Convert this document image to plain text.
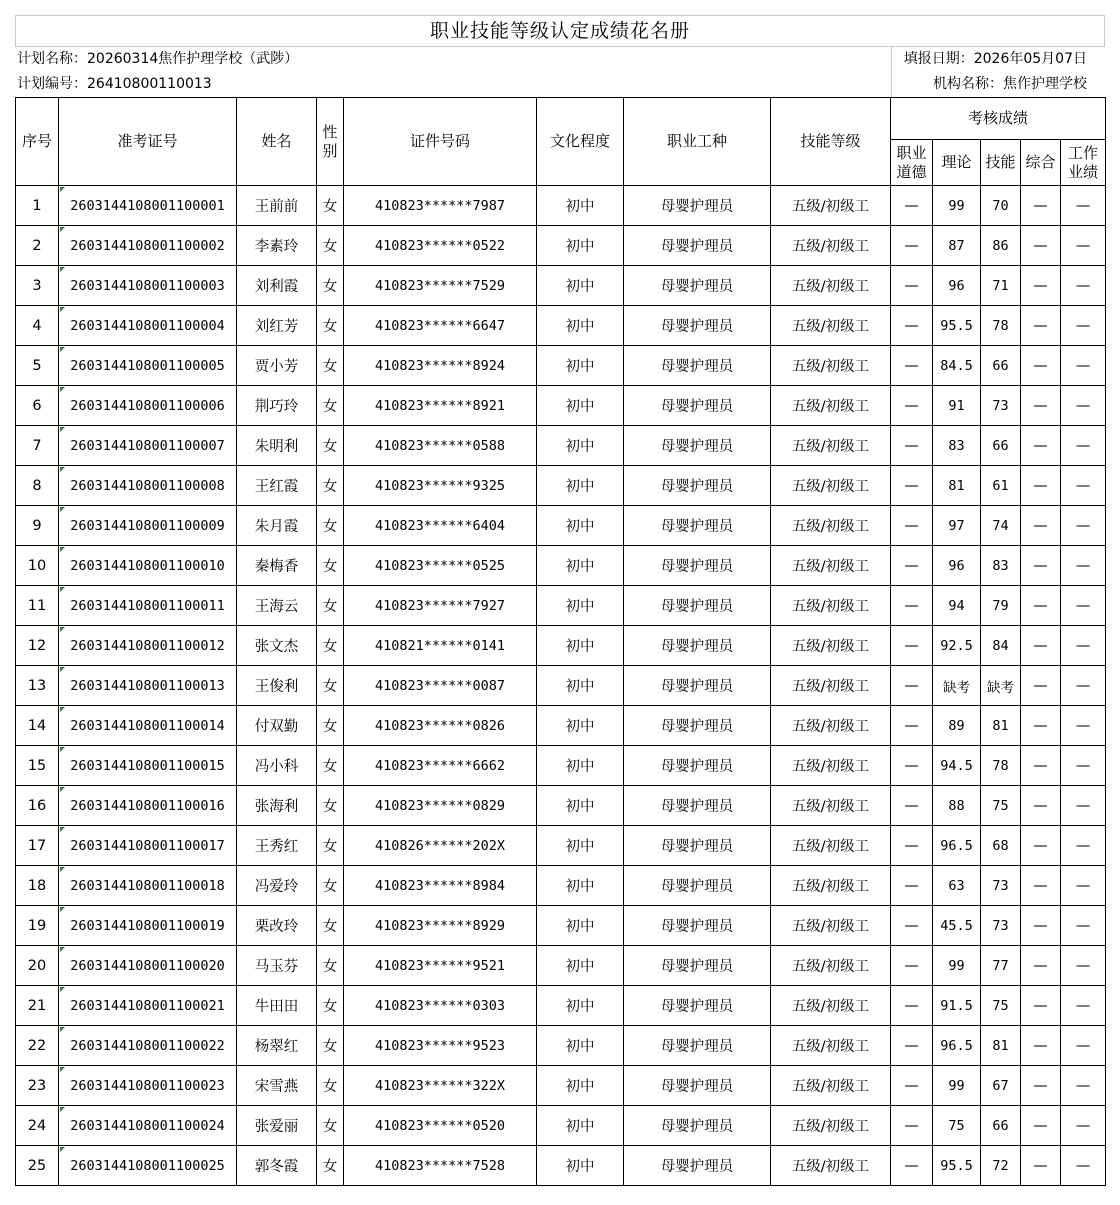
职业技能等级认定成绩花名册
计划名称：20260314焦作护理学校（武陟）	填报日期：2026年05月07日
计划编号：26410800110013	机构名称：焦作护理学校
序号	准考证号	姓名	性别	证件号码	文化程度	职业工种	技能等级	考核成绩				
								职业道德	理论	技能	综合	工作业绩
1	2603144108001100001	王前前	女	410823******7987	初中	母婴护理员	五级/初级工	—	99	70	—	—
2	2603144108001100002	李素玲	女	410823******0522	初中	母婴护理员	五级/初级工	—	87	86	—	—
3	2603144108001100003	刘利霞	女	410823******7529	初中	母婴护理员	五级/初级工	—	96	71	—	—
4	2603144108001100004	刘红芳	女	410823******6647	初中	母婴护理员	五级/初级工	—	95.5	78	—	—
5	2603144108001100005	贾小芳	女	410823******8924	初中	母婴护理员	五级/初级工	—	84.5	66	—	—
6	2603144108001100006	荆巧玲	女	410823******8921	初中	母婴护理员	五级/初级工	—	91	73	—	—
7	2603144108001100007	朱明利	女	410823******0588	初中	母婴护理员	五级/初级工	—	83	66	—	—
8	2603144108001100008	王红霞	女	410823******9325	初中	母婴护理员	五级/初级工	—	81	61	—	—
9	2603144108001100009	朱月霞	女	410823******6404	初中	母婴护理员	五级/初级工	—	97	74	—	—
10	2603144108001100010	秦梅香	女	410823******0525	初中	母婴护理员	五级/初级工	—	96	83	—	—
11	2603144108001100011	王海云	女	410823******7927	初中	母婴护理员	五级/初级工	—	94	79	—	—
12	2603144108001100012	张文杰	女	410821******0141	初中	母婴护理员	五级/初级工	—	92.5	84	—	—
13	2603144108001100013	王俊利	女	410823******0087	初中	母婴护理员	五级/初级工	—	缺考	缺考	—	—
14	2603144108001100014	付双勤	女	410823******0826	初中	母婴护理员	五级/初级工	—	89	81	—	—
15	2603144108001100015	冯小科	女	410823******6662	初中	母婴护理员	五级/初级工	—	94.5	78	—	—
16	2603144108001100016	张海利	女	410823******0829	初中	母婴护理员	五级/初级工	—	88	75	—	—
17	2603144108001100017	王秀红	女	410826******202X	初中	母婴护理员	五级/初级工	—	96.5	68	—	—
18	2603144108001100018	冯爱玲	女	410823******8984	初中	母婴护理员	五级/初级工	—	63	73	—	—
19	2603144108001100019	栗改玲	女	410823******8929	初中	母婴护理员	五级/初级工	—	45.5	73	—	—
20	2603144108001100020	马玉芬	女	410823******9521	初中	母婴护理员	五级/初级工	—	99	77	—	—
21	2603144108001100021	牛田田	女	410823******0303	初中	母婴护理员	五级/初级工	—	91.5	75	—	—
22	2603144108001100022	杨翠红	女	410823******9523	初中	母婴护理员	五级/初级工	—	96.5	81	—	—
23	2603144108001100023	宋雪燕	女	410823******322X	初中	母婴护理员	五级/初级工	—	99	67	—	—
24	2603144108001100024	张爱丽	女	410823******0520	初中	母婴护理员	五级/初级工	—	75	66	—	—
25	2603144108001100025	郭冬霞	女	410823******7528	初中	母婴护理员	五级/初级工	—	95.5	72	—	—
